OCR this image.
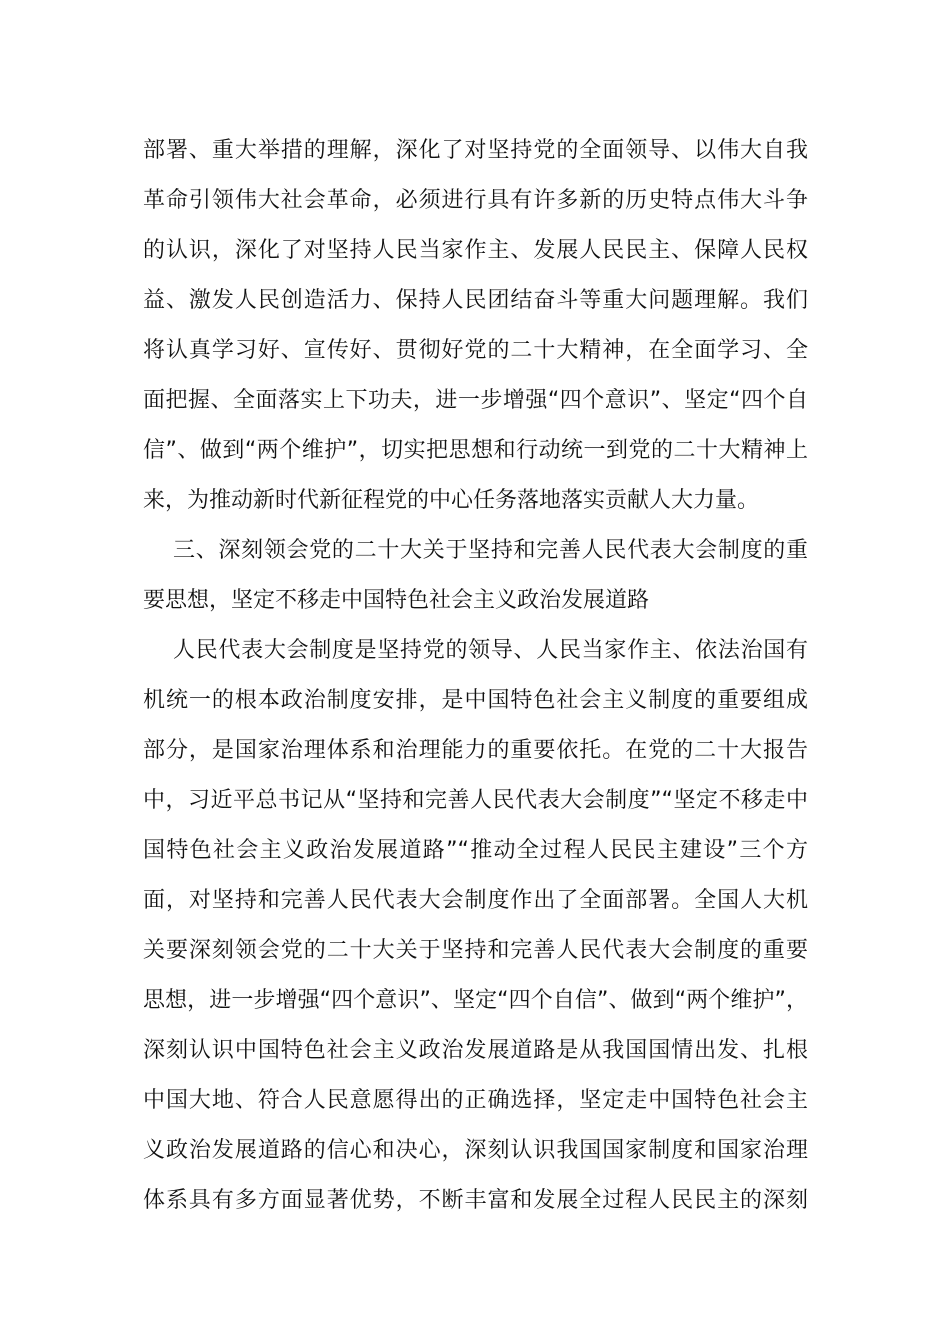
部署、重大举措的理解，深化了对坚持党的全面领导、以伟大自我
革命引领伟大社会革命，必须进行具有许多新的历史特点伟大斗争
的认识，深化了对坚持人民当家作主、发展人民民主、保障人民权
益、激发人民创造活力、保持人民团结奋斗等重大问题理解。我们
将认真学习好、宣传好、贯彻好党的二十大精神，在全面学习、全
面把握、全面落实上下功夫，进一步增强“四个意识”、坚定“四个自
信”、做到“两个维护”，切实把思想和行动统一到党的二十大精神上
来，为推动新时代新征程党的中心任务落地落实贡献人大力量。
三、深刻领会党的二十大关于坚持和完善人民代表大会制度的重
要思想，坚定不移走中国特色社会主义政治发展道路
人民代表大会制度是坚持党的领导、人民当家作主、依法治国有
机统一的根本政治制度安排，是中国特色社会主义制度的重要组成
部分，是国家治理体系和治理能力的重要依托。在党的二十大报告
中，习近平总书记从“坚持和完善人民代表大会制度”“坚定不移走中
国特色社会主义政治发展道路”“推动全过程人民民主建设”三个方
面，对坚持和完善人民代表大会制度作出了全面部署。全国人大机
关要深刻领会党的二十大关于坚持和完善人民代表大会制度的重要
思想，进一步增强“四个意识”、坚定“四个自信”、做到“两个维护”，
深刻认识中国特色社会主义政治发展道路是从我国国情出发、扎根
中国大地、符合人民意愿得出的正确选择，坚定走中国特色社会主
义政治发展道路的信心和决心，深刻认识我国国家制度和国家治理
体系具有多方面显著优势，不断丰富和发展全过程人民民主的深刻
